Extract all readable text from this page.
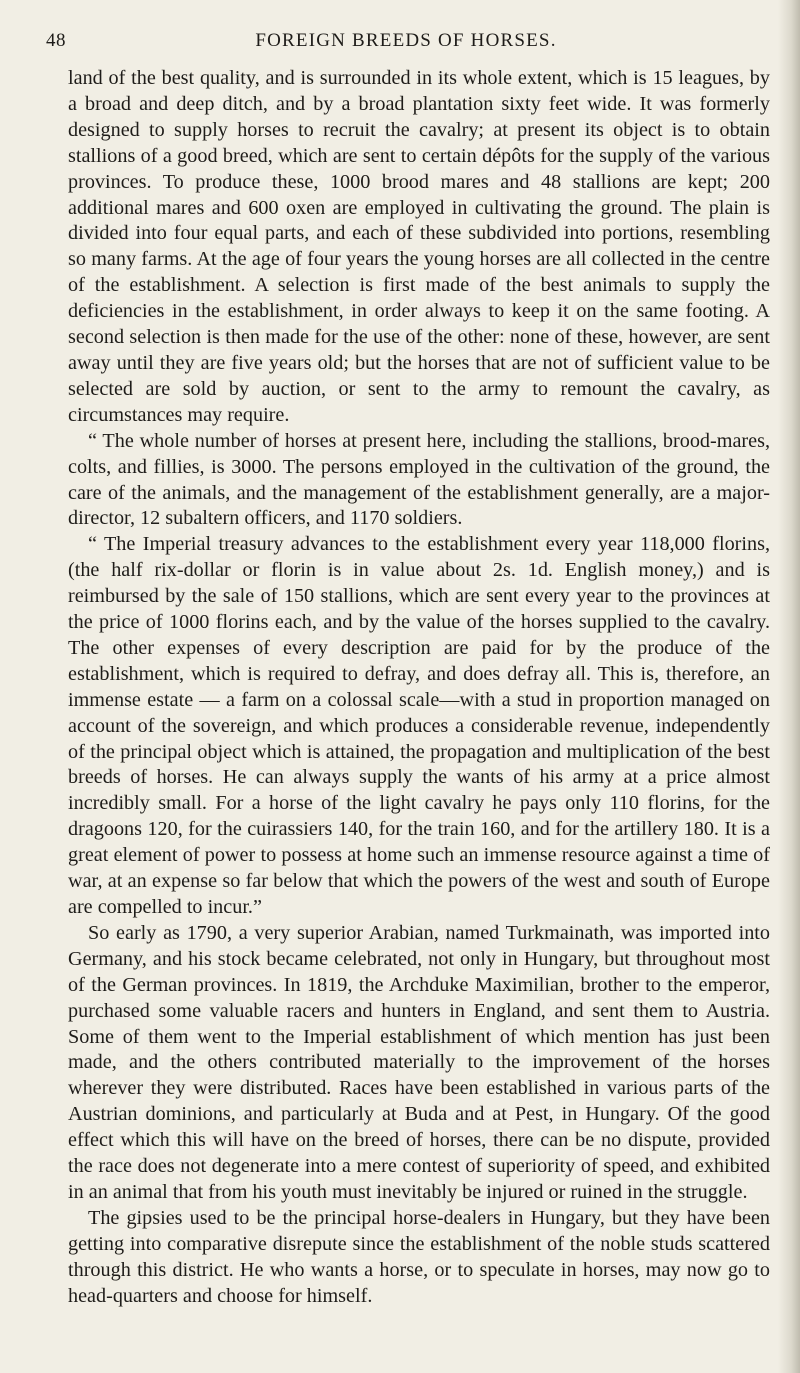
48	FOREIGN BREEDS OF HORSES.

land of the best quality, and is surrounded in its whole extent, which is 15 leagues, by a broad and deep ditch, and by a broad plantation sixty feet wide. It was formerly designed to supply horses to recruit the cavalry; at present its object is to obtain stallions of a good breed, which are sent to certain dépôts for the supply of the various provinces. To produce these, 1000 brood mares and 48 stallions are kept; 200 additional mares and 600 oxen are employed in cultivating the ground. The plain is divided into four equal parts, and each of these subdivided into portions, resembling so many farms. At the age of four years the young horses are all collected in the centre of the establishment. A selection is first made of the best animals to supply the deficiencies in the establishment, in order always to keep it on the same footing. A second selection is then made for the use of the other: none of these, however, are sent away until they are five years old; but the horses that are not of sufficient value to be selected are sold by auction, or sent to the army to remount the cavalry, as circumstances may require.

“ The whole number of horses at present here, including the stallions, brood-mares, colts, and fillies, is 3000. The persons employed in the cultivation of the ground, the care of the animals, and the management of the establishment generally, are a major-director, 12 subaltern officers, and 1170 soldiers.

“ The Imperial treasury advances to the establishment every year 118,000 florins, (the half rix-dollar or florin is in value about 2s. 1d. English money,) and is reimbursed by the sale of 150 stallions, which are sent every year to the provinces at the price of 1000 florins each, and by the value of the horses supplied to the cavalry. The other expenses of every description are paid for by the produce of the establishment, which is required to defray, and does defray all. This is, therefore, an immense estate — a farm on a colossal scale—with a stud in proportion managed on account of the sovereign, and which produces a considerable revenue, independently of the principal object which is attained, the propagation and multiplication of the best breeds of horses. He can always supply the wants of his army at a price almost incredibly small. For a horse of the light cavalry he pays only 110 florins, for the dragoons 120, for the cuirassiers 140, for the train 160, and for the artillery 180. It is a great element of power to possess at home such an immense resource against a time of war, at an expense so far below that which the powers of the west and south of Europe are compelled to incur.”

So early as 1790, a very superior Arabian, named Turkmainath, was imported into Germany, and his stock became celebrated, not only in Hungary, but throughout most of the German provinces. In 1819, the Archduke Maximilian, brother to the emperor, purchased some valuable racers and hunters in England, and sent them to Austria. Some of them went to the Imperial establishment of which mention has just been made, and the others contributed materially to the improvement of the horses wherever they were distributed. Races have been established in various parts of the Austrian dominions, and particularly at Buda and at Pest, in Hungary. Of the good effect which this will have on the breed of horses, there can be no dispute, provided the race does not degenerate into a mere contest of superiority of speed, and exhibited in an animal that from his youth must inevitably be injured or ruined in the struggle.

The gipsies used to be the principal horse-dealers in Hungary, but they have been getting into comparative disrepute since the establishment of the noble studs scattered through this district. He who wants a horse, or to speculate in horses, may now go to head-quarters and choose for himself.
